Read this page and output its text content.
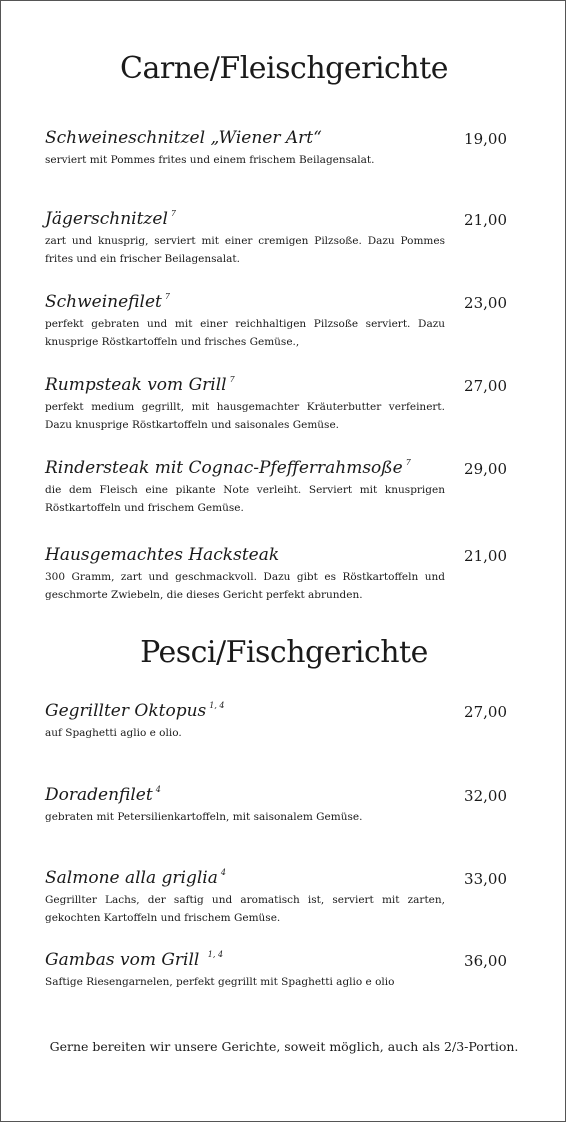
Carne/Fleischgerichte
Schweineschnitzel „Wiener Art“	19,00
serviert mit Pommes frites und einem frischem Beilagensalat.
Jägerschnitzel $^7$	21,00
zart und knusprig, serviert mit einer cremigen Pilzsoße. Dazu Pommes frites und ein frischer Beilagensalat.
Schweinefilet $^7$	23,00
perfekt gebraten und mit einer reichhaltigen Pilzsoße serviert. Dazu knusprige Röstkartoffeln und frisches Gemüse.,
Rumpsteak vom Grill $^7$	27,00
perfekt medium gegrillt, mit hausgemachter Kräuterbutter verfeinert. Dazu knusprige Röstkartoffeln und saisonales Gemüse.
Rindersteak mit Cognac-Pfefferrahmsoße $^7$	29,00
die dem Fleisch eine pikante Note verleiht. Serviert mit knusprigen Röstkartoffeln und frischem Gemüse.
Hausgemachtes Hacksteak	21,00
300 Gramm, zart und geschmackvoll. Dazu gibt es Röstkartoffeln und geschmorte Zwiebeln, die dieses Gericht perfekt abrunden.
Pesci/Fischgerichte
Gegrillter Oktopus $^{1, 4}$	27,00
auf Spaghetti aglio e olio.
Doradenfilet $^4$	32,00
gebraten mit Petersilienkartoffeln, mit saisonalem Gemüse.
Salmone alla griglia $^4$	33,00
Gegrillter Lachs, der saftig und aromatisch ist, serviert mit zarten, gekochten Kartoffeln und frischem Gemüse.
Gambas vom Grill $^{1, 4}$	36,00
Saftige Riesengarnelen, perfekt gegrillt mit Spaghetti aglio e olio
Gerne bereiten wir unsere Gerichte, soweit möglich, auch als 2/3-Portion.
